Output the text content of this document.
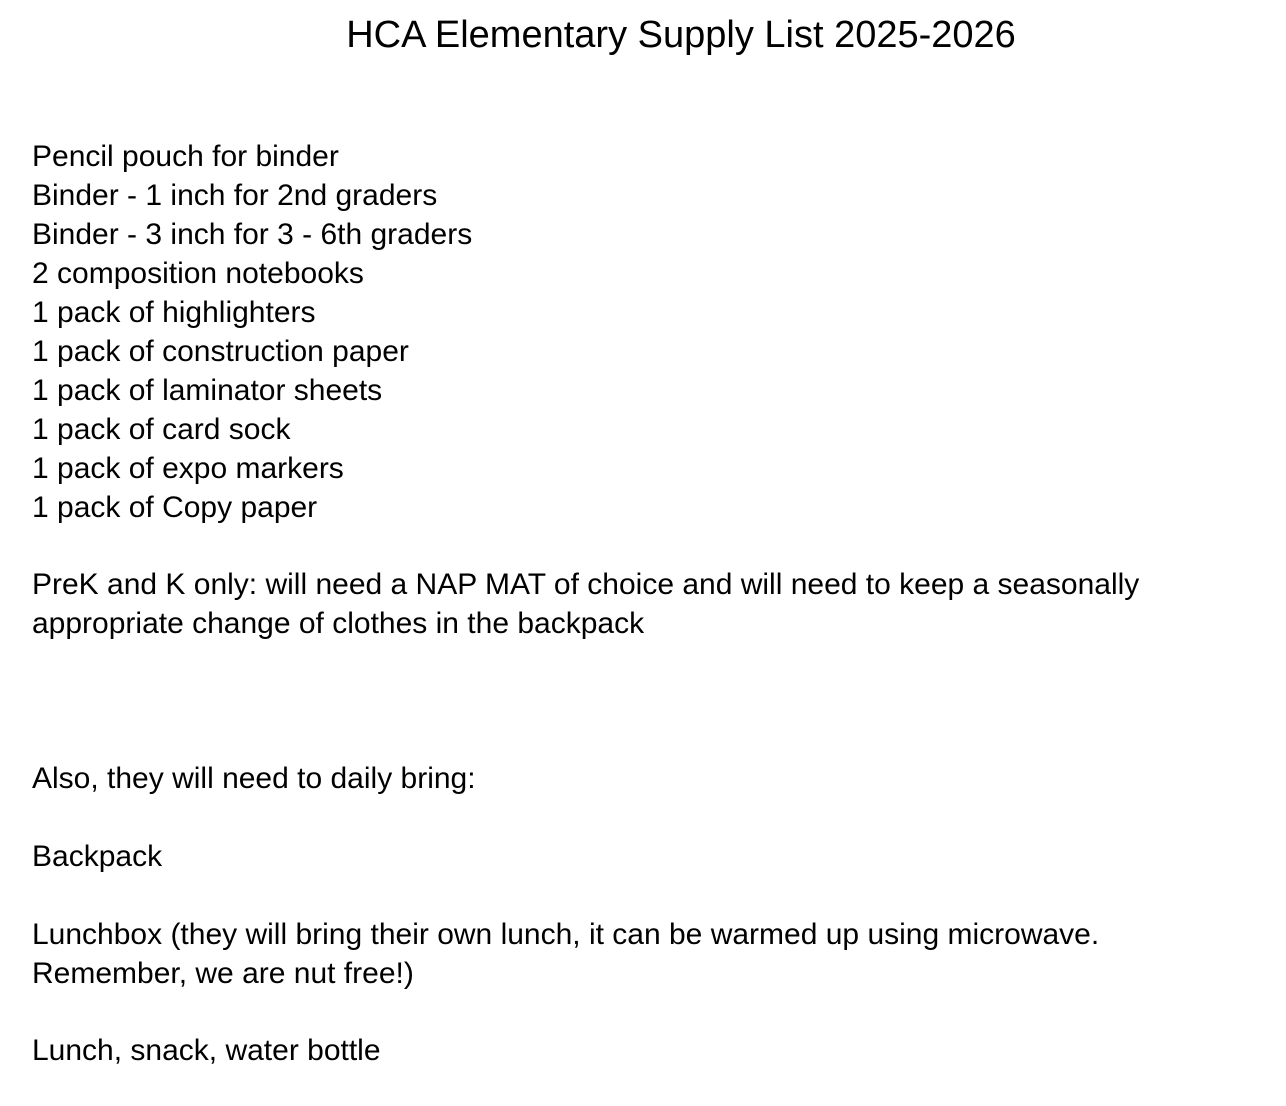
HCA Elementary Supply List 2025-2026
Pencil pouch for binder
Binder - 1 inch for 2nd graders
Binder - 3 inch for 3 - 6th graders
2 composition notebooks
1 pack of highlighters
1 pack of construction paper
1 pack of laminator sheets
1 pack of card sock
1 pack of expo markers
1 pack of Copy paper
PreK and K only: will need a NAP MAT of choice and will need to keep a seasonally
appropriate change of clothes in the backpack
Also, they will need to daily bring:
Backpack
Lunchbox (they will bring their own lunch, it can be warmed up using microwave.
Remember, we are nut free!)
Lunch, snack, water bottle
